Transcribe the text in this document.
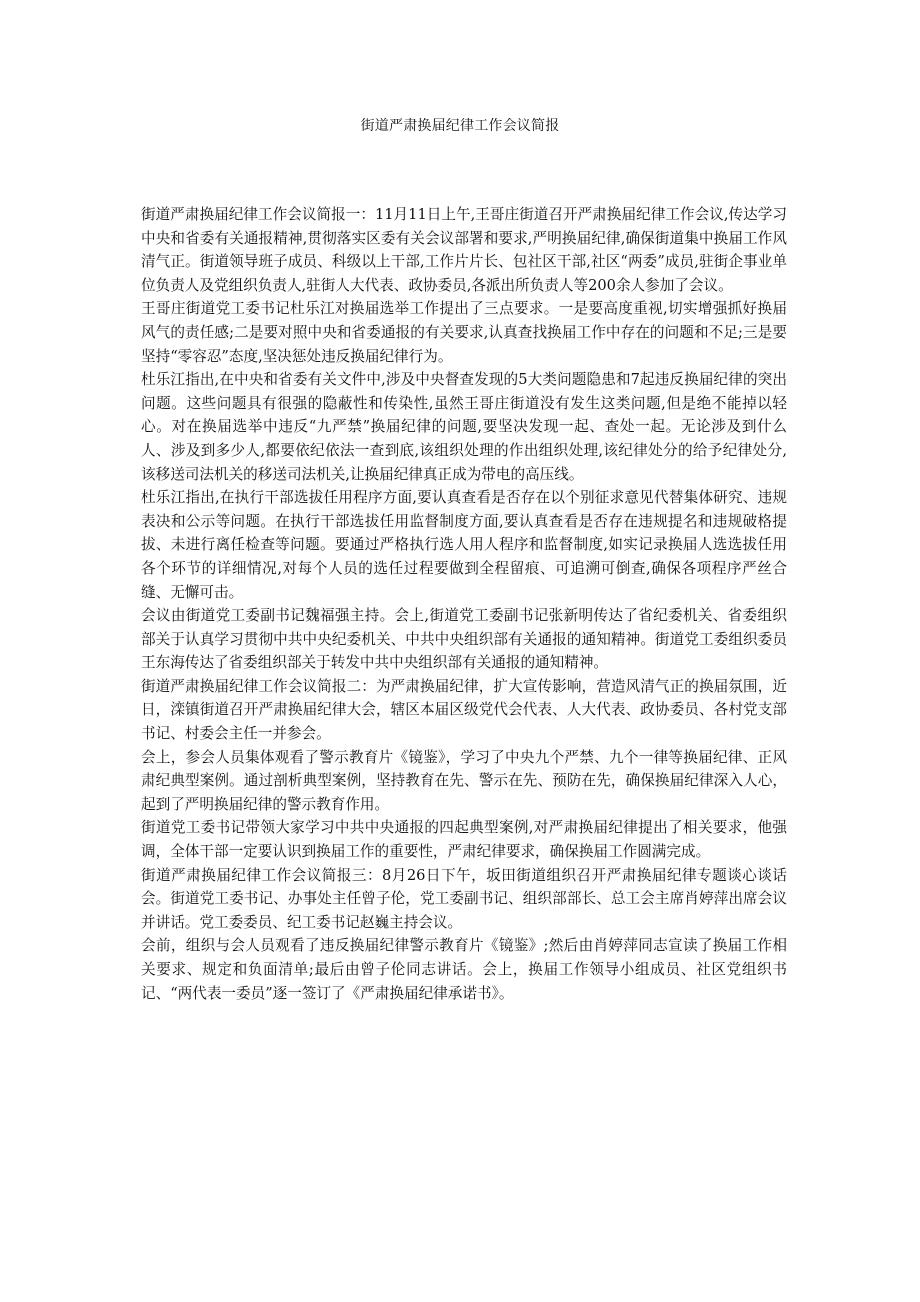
街道严肃换届纪律工作会议简报

街道严肃换届纪律工作会议简报一：11月11日上午,王哥庄街道召开严肃换届纪律工作会议,传达学习中央和省委有关通报精神,贯彻落实区委有关会议部署和要求,严明换届纪律,确保街道集中换届工作风清气正。街道领导班子成员、科级以上干部,工作片片长、包社区干部,社区“两委”成员,驻街企事业单位负责人及党组织负责人,驻街人大代表、政协委员,各派出所负责人等200余人参加了会议。

王哥庄街道党工委书记杜乐江对换届选举工作提出了三点要求。一是要高度重视,切实增强抓好换届风气的责任感;二是要对照中央和省委通报的有关要求,认真查找换届工作中存在的问题和不足;三是要坚持“零容忍”态度,坚决惩处违反换届纪律行为。

杜乐江指出,在中央和省委有关文件中,涉及中央督查发现的5大类问题隐患和7起违反换届纪律的突出问题。这些问题具有很强的隐蔽性和传染性,虽然王哥庄街道没有发生这类问题,但是绝不能掉以轻心。对在换届选举中违反“九严禁”换届纪律的问题,要坚决发现一起、查处一起。无论涉及到什么人、涉及到多少人,都要依纪依法一查到底,该组织处理的作出组织处理,该纪律处分的给予纪律处分,该移送司法机关的移送司法机关,让换届纪律真正成为带电的高压线。

杜乐江指出,在执行干部选拔任用程序方面,要认真查看是否存在以个别征求意见代替集体研究、违规表决和公示等问题。在执行干部选拔任用监督制度方面,要认真查看是否存在违规提名和违规破格提拔、未进行离任检查等问题。要通过严格执行选人用人程序和监督制度,如实记录换届人选选拔任用各个环节的详细情况,对每个人员的选任过程要做到全程留痕、可追溯可倒查,确保各项程序严丝合缝、无懈可击。

会议由街道党工委副书记魏福强主持。会上,街道党工委副书记张新明传达了省纪委机关、省委组织部关于认真学习贯彻中共中央纪委机关、中共中央组织部有关通报的通知精神。街道党工委组织委员王东海传达了省委组织部关于转发中共中央组织部有关通报的通知精神。

街道严肃换届纪律工作会议简报二：为严肃换届纪律，扩大宣传影响，营造风清气正的换届氛围，近日，滦镇街道召开严肃换届纪律大会，辖区本届区级党代会代表、人大代表、政协委员、各村党支部书记、村委会主任一并参会。

会上，参会人员集体观看了警示教育片《镜鉴》，学习了中央九个严禁、九个一律等换届纪律、正风肃纪典型案例。通过剖析典型案例，坚持教育在先、警示在先、预防在先，确保换届纪律深入人心，起到了严明换届纪律的警示教育作用。

街道党工委书记带领大家学习中共中央通报的四起典型案例,对严肃换届纪律提出了相关要求，他强调，全体干部一定要认识到换届工作的重要性，严肃纪律要求，确保换届工作圆满完成。

街道严肃换届纪律工作会议简报三：8月26日下午，坂田街道组织召开严肃换届纪律专题谈心谈话会。街道党工委书记、办事处主任曾子伦，党工委副书记、组织部部长、总工会主席肖婷萍出席会议并讲话。党工委委员、纪工委书记赵巍主持会议。

会前，组织与会人员观看了违反换届纪律警示教育片《镜鉴》;然后由肖婷萍同志宣读了换届工作相关要求、规定和负面清单;最后由曾子伦同志讲话。会上，换届工作领导小组成员、社区党组织书记、“两代表一委员”逐一签订了《严肃换届纪律承诺书》。
